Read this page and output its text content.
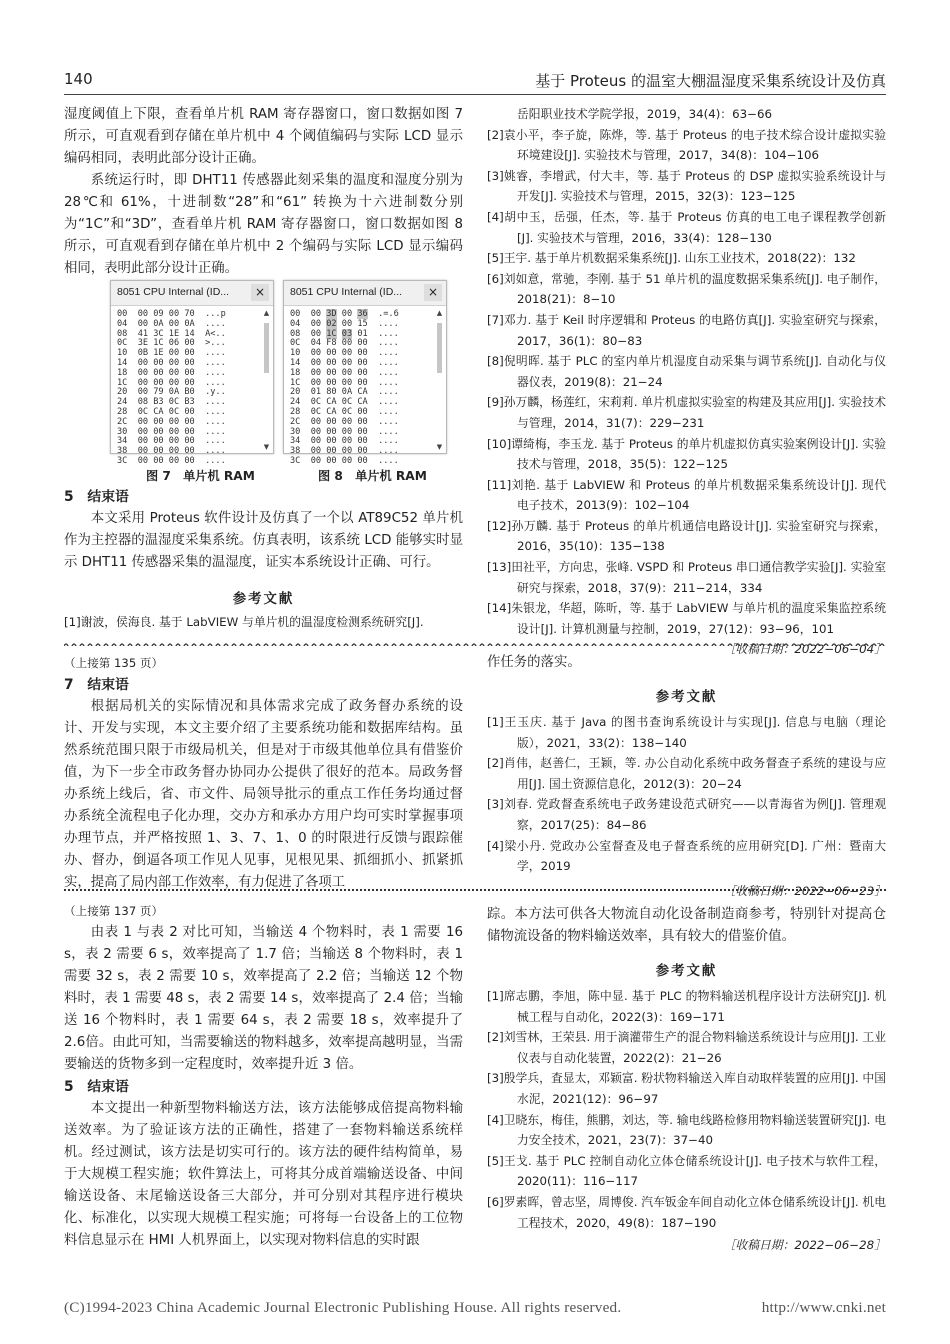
140	基于 Proteus 的温室大棚温湿度采集系统设计及仿真

湿度阈值上下限，查看单片机 RAM 寄存器窗口，窗口数据如图 7 所示，可直观看到存储在单片机中 4 个阈值编码与实际 LCD 显示编码相同，表明此部分设计正确。

系统运行时，即 DHT11 传感器此刻采集的温度和湿度分别为 28℃和 61%，十进制数“28”和“61” 转换为十六进制数分别为“1C”和“3D”，查看单片机 RAM 寄存器窗口，窗口数据如图 8 所示，可直观看到存储在单片机中 2 个编码与实际 LCD 显示编码相同，表明此部分设计正确。

8051 CPU Internal (ID...	×
00  00 09 00 70  ...p
04  00 0A 00 0A  ....
08  41 3C 1E 14  A<..
0C  3E 1C 06 00  >...
10  0B 1E 00 00  ....
14  00 00 00 00  ....
18  00 00 00 00  ....
1C  00 00 00 00  ....
20  00 79 0A B0  .y..
24  08 B3 0C B3  ....
28  0C CA 0C 00  ....
2C  00 00 00 00  ....
30  00 00 00 00  ....
34  00 00 00 00  ....
38  00 00 00 00  ....
3C  00 00 00 00  ....
▲
▼
图 7　单片机 RAM
8051 CPU Internal (ID...	×
00  00 3D 00 36  .=.6
04  00 02 00 15  ....
08  00 1C 03 01  ....
0C  04 F8 00 00  ....
10  00 00 00 00  ....
14  00 00 00 00  ....
18  00 00 00 00  ....
1C  00 00 00 00  ....
20  01 80 0A CA  ....
24  0C CA 0C CA  ....
28  0C CA 0C 00  ....
2C  00 00 00 00  ....
30  00 00 00 00  ....
34  00 00 00 00  ....
38  00 00 00 00  ....
3C  00 00 00 00  ....
▲
▼
图 8　单片机 RAM
5　结束语

本文采用 Proteus 软件设计及仿真了一个以 AT89C52 单片机作为主控器的温湿度采集系统。仿真表明，该系统 LCD 能够实时显示 DHT11 传感器采集的温湿度，证实本系统设计正确、可行。

参考文献
[1]谢波，侯海良. 基于 LabVIEW 与单片机的温湿度检测系统研究[J].
岳阳职业技术学院学报，2019，34(4)：63−66
[2]袁小平，李子旋，陈烨，等. 基于 Proteus 的电子技术综合设计虚拟实验环境建设[J]. 实验技术与管理，2017，34(8)：104−106
[3]姚睿，李增武，付大丰，等. 基于 Proteus 的 DSP 虚拟实验系统设计与开发[J]. 实验技术与管理，2015，32(3)：123−125
[4]胡中玉，岳强，任杰，等. 基于 Proteus 仿真的电工电子课程教学创新[J]. 实验技术与管理，2016，33(4)：128−130
[5]王宇. 基于单片机数据采集系统[J]. 山东工业技术，2018(22)：132
[6]刘如意，常驰，李刚. 基于 51 单片机的温度数据采集系统[J]. 电子制作，2018(21)：8−10
[7]邓力. 基于 Keil 时序逻辑和 Proteus 的电路仿真[J]. 实验室研究与探索，2017，36(1)：80−83
[8]倪明晖. 基于 PLC 的室内单片机湿度自动采集与调节系统[J]. 自动化与仪器仪表，2019(8)：21−24
[9]孙万麟，杨莲红，宋莉莉. 单片机虚拟实验室的构建及其应用[J]. 实验技术与管理，2014，31(7)：229−231
[10]谭绮梅，李玉龙. 基于 Proteus 的单片机虚拟仿真实验案例设计[J]. 实验技术与管理，2018，35(5)：122−125
[11]刘艳. 基于 LabVIEW 和 Proteus 的单片机数据采集系统设计[J]. 现代电子技术，2013(9)：102−104
[12]孙万麟. 基于 Proteus 的单片机通信电路设计[J]. 实验室研究与探索，2016，35(10)：135−138
[13]田社平，方向忠，张峰. VSPD 和 Proteus 串口通信教学实验[J]. 实验室研究与探索，2018，37(9)：211−214，334
[14]朱银龙，华超，陈昕，等. 基于 LabVIEW 与单片机的温度采集监控系统设计[J]. 计算机测量与控制，2019，27(12)：93−96，101
［收稿日期：2022−06−04］
（上接第 135 页）
7　结束语

根据局机关的实际情况和具体需求完成了政务督办系统的设计、开发与实现，本文主要介绍了主要系统功能和数据库结构。虽然系统范围只限于市级局机关，但是对于市级其他单位具有借鉴价值，为下一步全市政务督办协同办公提供了很好的范本。局政务督办系统上线后，省、市文件、局领导批示的重点工作任务均通过督办系统全流程电子化办理，交办方和承办方用户均可实时掌握事项办理节点，并严格按照 1、3、7、1、0 的时限进行反馈与跟踪催办、督办，倒逼各项工作见人见事，见根见果、抓细抓小、抓紧抓实，提高了局内部工作效率，有力促进了各项工

作任务的落实。

参考文献
[1]王玉庆. 基于 Java 的图书查询系统设计与实现[J]. 信息与电脑（理论版），2021，33(2)：138−140
[2]肖伟，赵善仁，王颖，等. 办公自动化系统中政务督查子系统的建设与应用[J]. 国土资源信息化，2012(3)：20−24
[3]刘春. 党政督查系统电子政务建设范式研究——以青海省为例[J]. 管理观察，2017(25)：84−86
[4]梁小丹. 党政办公室督查及电子督查系统的应用研究[D]. 广州：暨南大学，2019
［收稿日期：2022−06−23］
（上接第 137 页）

由表 1 与表 2 对比可知，当输送 4 个物料时，表 1 需要 16 s，表 2 需要 6 s，效率提高了 1.7 倍；当输送 8 个物料时，表 1 需要 32 s，表 2 需要 10 s，效率提高了 2.2 倍；当输送 12 个物料时，表 1 需要 48 s，表 2 需要 14 s，效率提高了 2.4 倍；当输送 16 个物料时，表 1 需要 64 s，表 2 需要 18 s，效率提升了 2.6倍。由此可知，当需要输送的物料越多，效率提高越明显，当需要输送的货物多到一定程度时，效率提升近 3 倍。

5　结束语

本文提出一种新型物料输送方法，该方法能够成倍提高物料输送效率。为了验证该方法的正确性，搭建了一套物料输送系统样机。经过测试，该方法是切实可行的。该方法的硬件结构简单，易于大规模工程实施；软件算法上，可将其分成首端输送设备、中间输送设备、末尾输送设备三大部分，并可分别对其程序进行模块化、标准化，以实现大规模工程实施；可将每一台设备上的工位物料信息显示在 HMI 人机界面上，以实现对物料信息的实时跟

踪。本方法可供各大物流自动化设备制造商参考，特别针对提高仓储物流设备的物料输送效率，具有较大的借鉴价值。

参考文献
[1]席志鹏，李旭，陈中显. 基于 PLC 的物料输送机程序设计方法研究[J]. 机械工程与自动化，2022(3)：169−171
[2]刘雪林，王荣县. 用于滴灌带生产的混合物料输送系统设计与应用[J]. 工业仪表与自动化装置，2022(2)：21−26
[3]殷学兵，査显太，邓颖富. 粉状物料输送入库自动取样装置的应用[J]. 中国水泥，2021(12)：96−97
[4]卫晓东，梅佳，熊鹏，刘达，等. 输电线路检修用物料输送装置研究[J]. 电力安全技术，2021，23(7)：37−40
[5]王戈. 基于 PLC 控制自动化立体仓储系统设计[J]. 电子技术与软件工程，2020(11)：116−117
[6]罗素晖，曾志坚，周博俊. 汽车钣金车间自动化立体仓储系统设计[J]. 机电工程技术，2020，49(8)：187−190
［收稿日期：2022−06−28］
(C)1994-2023 China Academic Journal Electronic Publishing House. All rights reserved.	http://www.cnki.net
